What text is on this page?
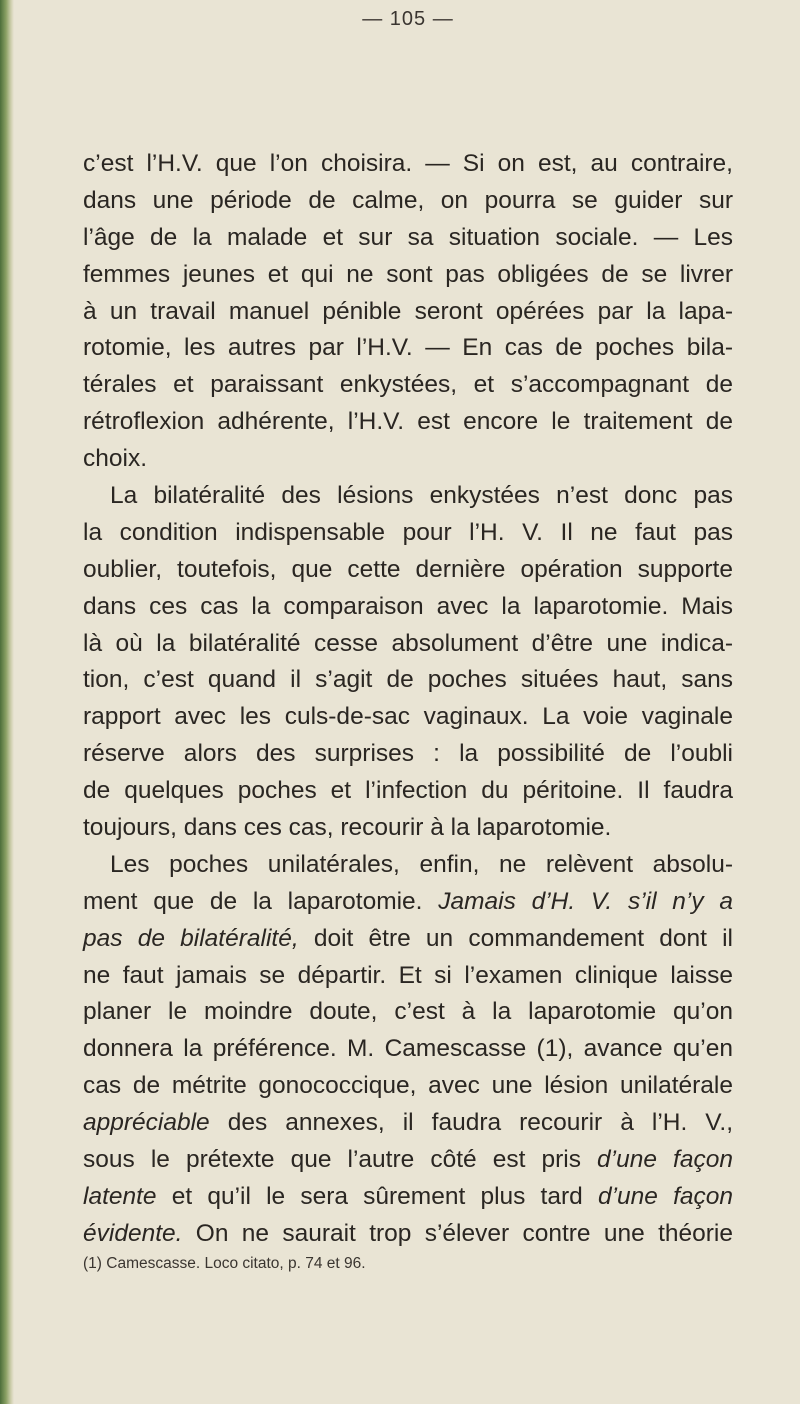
— 105 —
c’est l’H.V. que l’on choisira. — Si on est, au contraire,
dans une période de calme, on pourra se guider sur
l’âge de la malade et sur sa situation sociale. — Les
femmes jeunes et qui ne sont pas obligées de se livrer
à un travail manuel pénible seront opérées par la lapa-
rotomie, les autres par l’H.V. — En cas de poches bila-
térales et paraissant enkystées, et s’accompagnant de
rétroflexion adhérente, l’H.V. est encore le traitement de
choix.
La bilatéralité des lésions enkystées n’est donc pas
la condition indispensable pour l’H. V. Il ne faut pas
oublier, toutefois, que cette dernière opération supporte
dans ces cas la comparaison avec la laparotomie. Mais
là où la bilatéralité cesse absolument d’être une indica-
tion, c’est quand il s’agit de poches situées haut, sans
rapport avec les culs-de-sac vaginaux. La voie vaginale
réserve alors des surprises : la possibilité de l’oubli
de quelques poches et l’infection du péritoine. Il faudra
toujours, dans ces cas, recourir à la laparotomie.
Les poches unilatérales, enfin, ne relèvent absolu-
ment que de la laparotomie. Jamais d’H. V. s’il n’y a
pas de bilatéralité, doit être un commandement dont il
ne faut jamais se départir. Et si l’examen clinique laisse
planer le moindre doute, c’est à la laparotomie qu’on
donnera la préférence. M. Camescasse (1), avance qu’en
cas de métrite gonococcique, avec une lésion unilatérale
appréciable des annexes, il faudra recourir à l’H. V.,
sous le prétexte que l’autre côté est pris d’une façon
latente et qu’il le sera sûrement plus tard d’une façon
évidente. On ne saurait trop s’élever contre une théorie
(1) Camescasse. Loco citato, p. 74 et 96.
